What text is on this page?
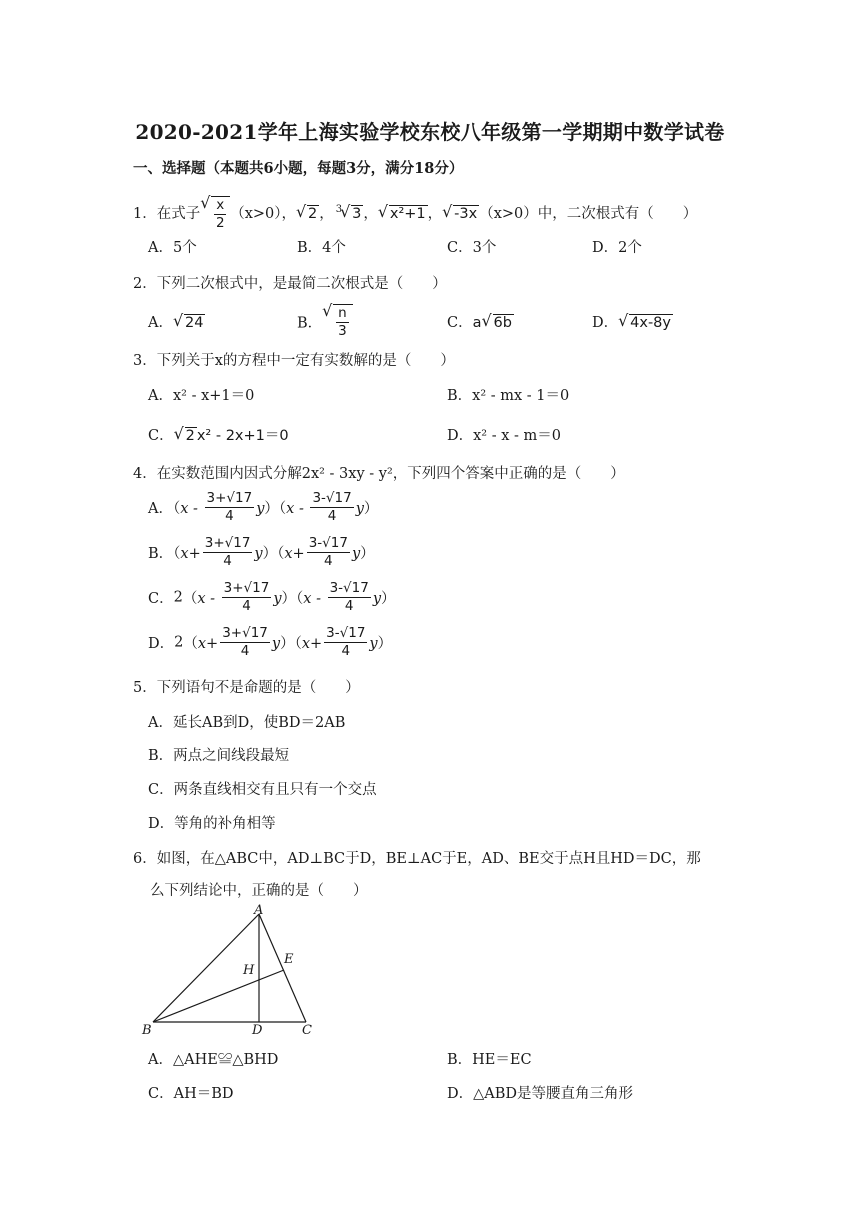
2020-2021学年上海实验学校东校八年级第一学期期中数学试卷
一、选择题（本题共6小题，每题3分，满分18分）
1．在式子 √ $\frac{x}{2} (x>0)$， √ 2 ， $^3$ √ 3 ， √ x²+1 ， √ -3x （x>0）中，二次根式有（　　）
A．5个	B．4个	C．3个	D．2个
2．下列二次根式中，是最简二次根式是（　　）
A． √ 24	B． √ $\frac{n}{3}$	C．a √ 6b	D． √ 4x-8y
3．下列关于x的方程中一定有实数解的是（　　）
A．x² - x+1＝0	B．x² - mx - 1＝0
C． √ 2 x² - 2x+1＝0	D．x² - x - m＝0
4．在实数范围内因式分解2x² - 3xy - y²，下列四个答案中正确的是（　　）
A．$(x - \frac{3+√17}{4} y)(x - \frac{3-√17}{4} y)$
B．$(x+ \frac{3+√17}{4} y)(x+ \frac{3-√17}{4} y)$
C．$2(x - \frac{3+√17}{4} y)(x - \frac{3-√17}{4} y)$
D．$2(x+ \frac{3+√17}{4} y)(x+ \frac{3-√17}{4} y)$
5．下列语句不是命题的是（　　）
A．延长AB到D，使BD＝2AB
B．两点之间线段最短
C．两条直线相交有且只有一个交点
D．等角的补角相等
6．如图，在△ABC中，AD⊥BC于D，BE⊥AC于E，AD、BE交于点H且HD＝DC，那
么下列结论中，正确的是（　　）
A
B	C
D
E
H
A．△AHE≌△BHD	B．HE＝EC
C．AH＝BD	D．△ABD是等腰直角三角形
